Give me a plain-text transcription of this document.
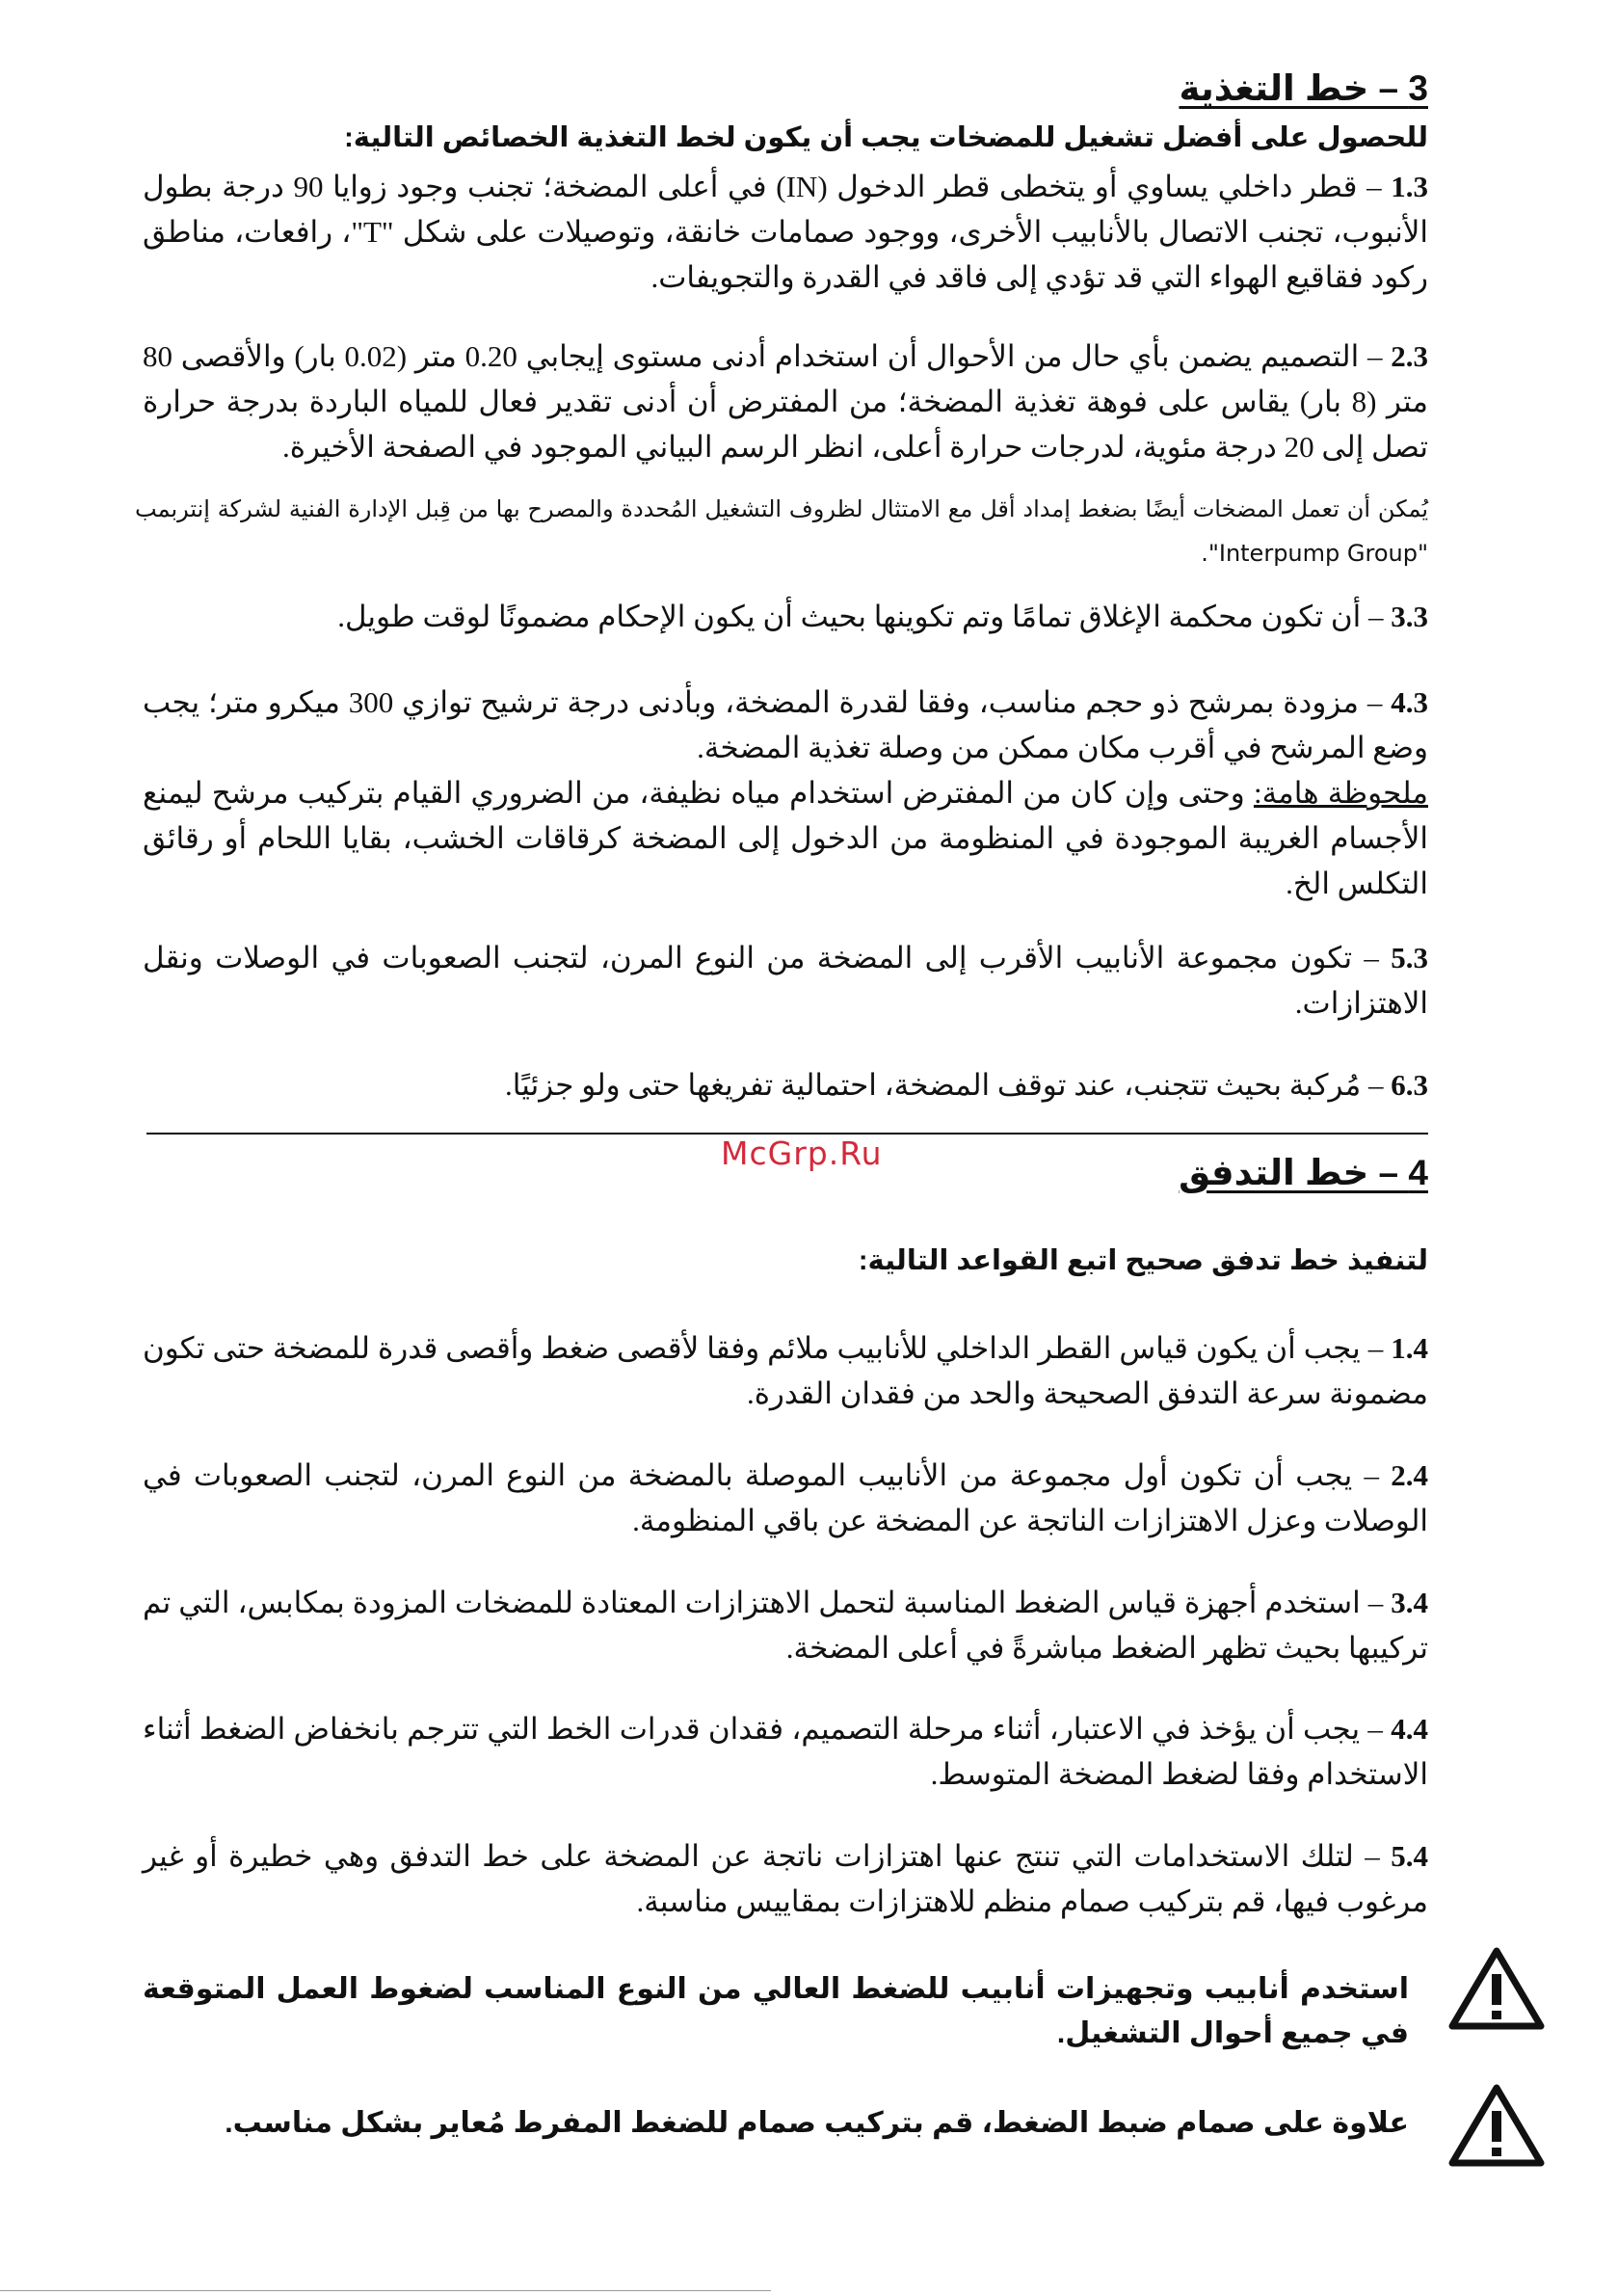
3 – خط التغذية
للحصول على أفضل تشغيل للمضخات يجب أن يكون لخط التغذية الخصائص التالية:
1.3 – قطر داخلي يساوي أو يتخطى قطر الدخول (IN) في أعلى المضخة؛ تجنب وجود زوايا 90 درجة بطول الأنبوب، تجنب الاتصال بالأنابيب الأخرى، ووجود صمامات خانقة، وتوصيلات على شكل "T"، رافعات، مناطق ركود فقاقيع الهواء التي قد تؤدي إلى فاقد في القدرة والتجويفات.
2.3 – التصميم يضمن بأي حال من الأحوال أن استخدام أدنى مستوى إيجابي 0.20 متر (0.02 بار) والأقصى 80 متر (8 بار) يقاس على فوهة تغذية المضخة؛ من المفترض أن أدنى تقدير فعال للمياه الباردة بدرجة حرارة تصل إلى 20 درجة مئوية، لدرجات حرارة أعلى، انظر الرسم البياني الموجود في الصفحة الأخيرة.
يُمكن أن تعمل المضخات أيضًا بضغط إمداد أقل مع الامتثال لظروف التشغيل المُحددة والمصرح بها من قِبل الإدارة الفنية لشركة إنتربمب "Interpump Group".
3.3 – أن تكون محكمة الإغلاق تمامًا وتم تكوينها بحيث أن يكون الإحكام مضمونًا لوقت طويل.
4.3 – مزودة بمرشح ذو حجم مناسب، وفقا لقدرة المضخة، وبأدنى درجة ترشيح توازي 300 ميكرو متر؛ يجب وضع المرشح في أقرب مكان ممكن من وصلة تغذية المضخة.
ملحوظة هامة: وحتى وإن كان من المفترض استخدام مياه نظيفة، من الضروري القيام بتركيب مرشح ليمنع الأجسام الغريبة الموجودة في المنظومة من الدخول إلى المضخة كرقاقات الخشب، بقايا اللحام أو رقائق التكلس الخ.
5.3 – تكون مجموعة الأنابيب الأقرب إلى المضخة من النوع المرن، لتجنب الصعوبات في الوصلات ونقل الاهتزازات.
6.3 – مُركبة بحيث تتجنب، عند توقف المضخة، احتمالية تفريغها حتى ولو جزئيًا.
McGrp.Ru	4 – خط التدفق
لتنفيذ خط تدفق صحيح اتبع القواعد التالية:
1.4 – يجب أن يكون قياس القطر الداخلي للأنابيب ملائم وفقا لأقصى ضغط وأقصى قدرة للمضخة حتى تكون مضمونة سرعة التدفق الصحيحة والحد من فقدان القدرة.
2.4 – يجب أن تكون أول مجموعة من الأنابيب الموصلة بالمضخة من النوع المرن، لتجنب الصعوبات في الوصلات وعزل الاهتزازات الناتجة عن المضخة عن باقي المنظومة.
3.4 – استخدم أجهزة قياس الضغط المناسبة لتحمل الاهتزازات المعتادة للمضخات المزودة بمكابس، التي تم تركيبها بحيث تظهر الضغط مباشرةً في أعلى المضخة.
4.4 – يجب أن يؤخذ في الاعتبار، أثناء مرحلة التصميم، فقدان قدرات الخط التي تترجم بانخفاض الضغط أثناء الاستخدام وفقا لضغط المضخة المتوسط.
5.4 – لتلك الاستخدامات التي تنتج عنها اهتزازات ناتجة عن المضخة على خط التدفق وهي خطيرة أو غير مرغوب فيها، قم بتركيب صمام منظم للاهتزازات بمقاييس مناسبة.
استخدم أنابيب وتجهيزات أنابيب للضغط العالي من النوع المناسب لضغوط العمل المتوقعة في جميع أحوال التشغيل.
علاوة على صمام ضبط الضغط، قم بتركيب صمام للضغط المفرط مُعاير بشكل مناسب.
